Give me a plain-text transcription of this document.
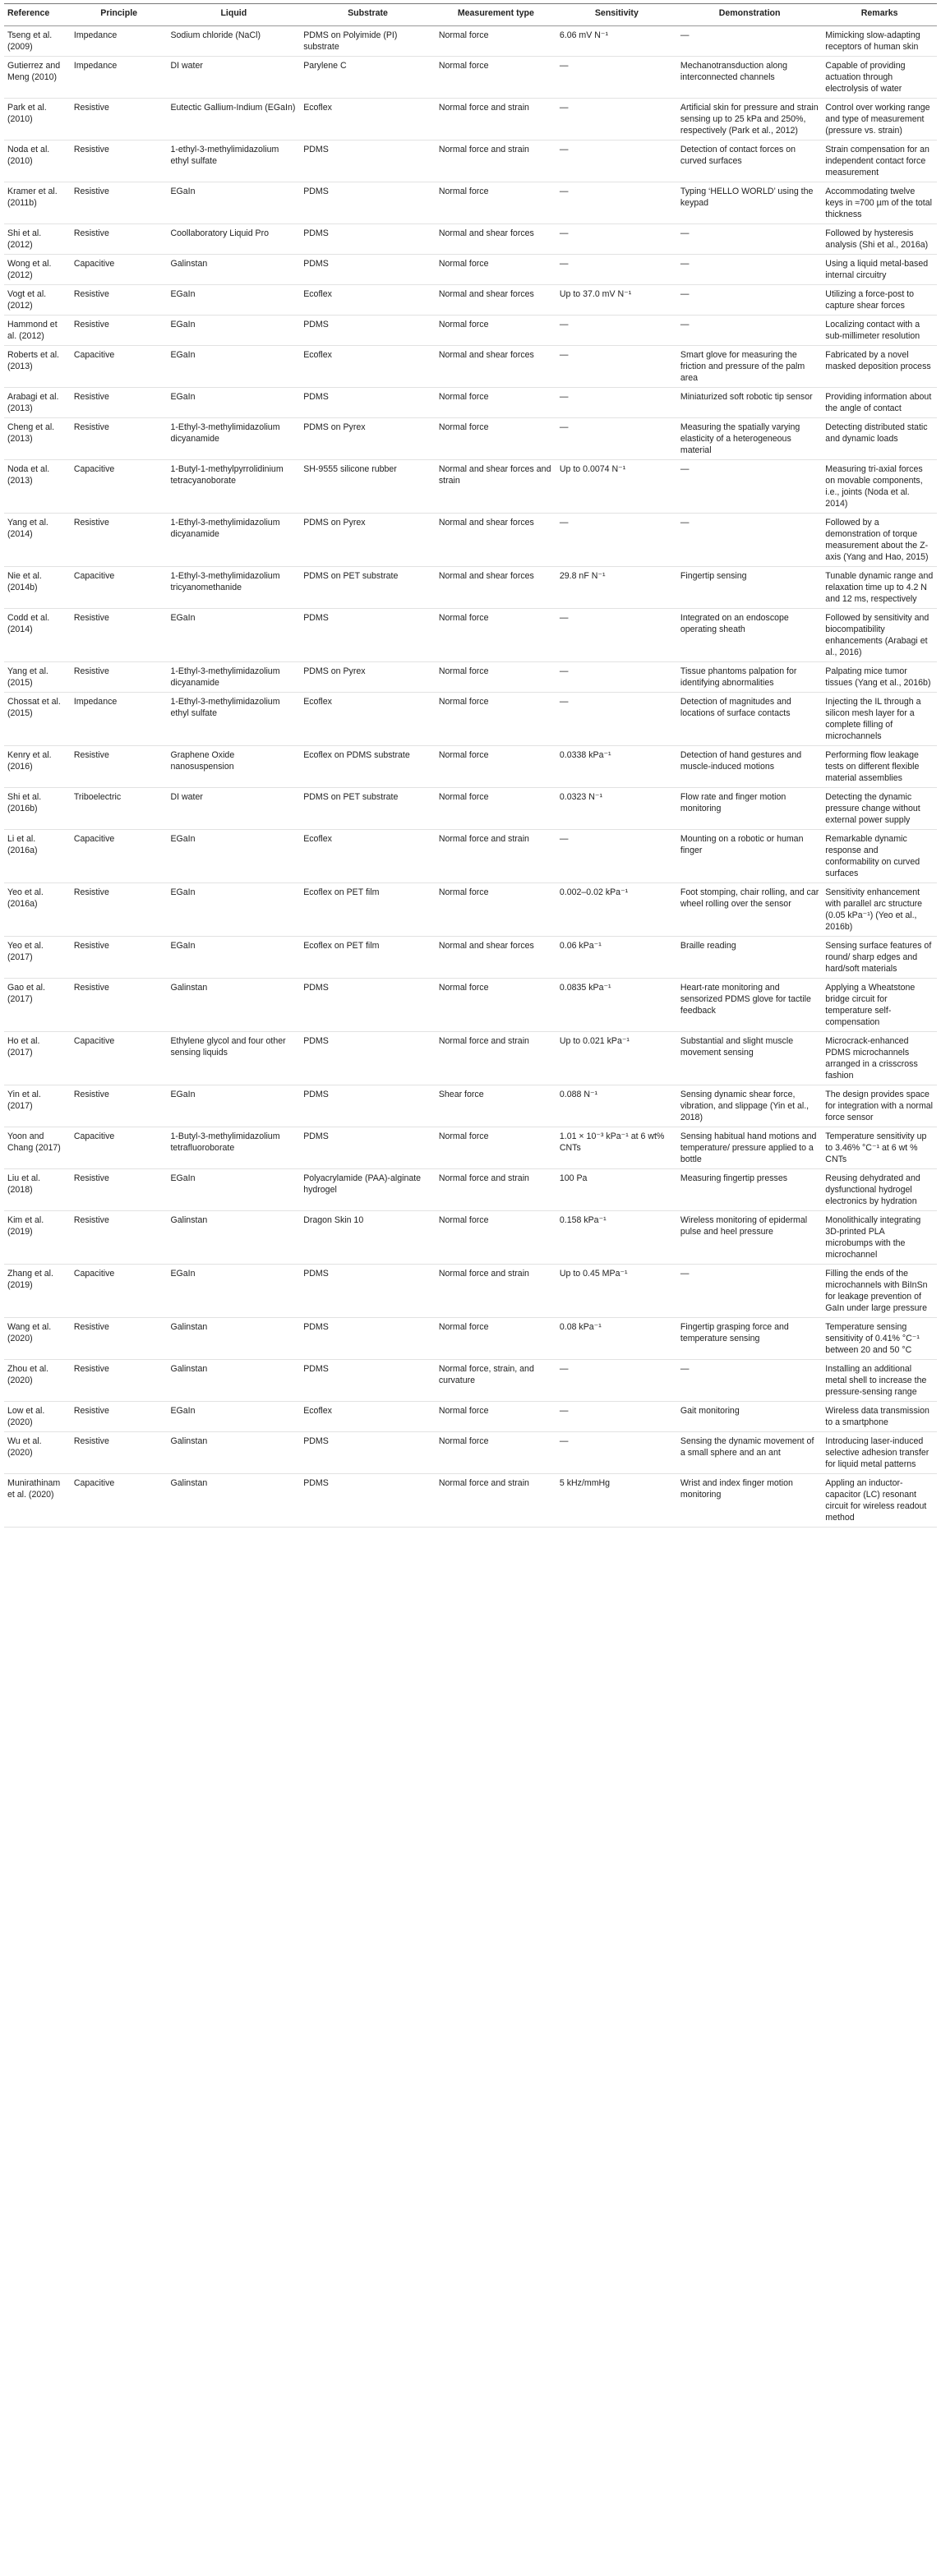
Reference	Principle	Liquid	Substrate	Measurement type	Sensitivity	Demonstration	Remarks
Tseng et al. (2009)	Impedance	Sodium chloride (NaCl)	PDMS on Polyimide (PI) substrate	Normal force	6.06 mV N⁻¹	—	Mimicking slow-adapting receptors of human skin
Gutierrez and Meng (2010)	Impedance	DI water	Parylene C	Normal force	—	Mechanotransduction along interconnected channels	Capable of providing actuation through electrolysis of water
Park et al. (2010)	Resistive	Eutectic Gallium-Indium (EGaIn)	Ecoflex	Normal force and strain	—	Artificial skin for pressure and strain sensing up to 25 kPa and 250%, respectively (Park et al., 2012)	Control over working range and type of measurement (pressure vs. strain)
Noda et al. (2010)	Resistive	1-ethyl-3-methylimidazolium ethyl sulfate	PDMS	Normal force and strain	—	Detection of contact forces on curved surfaces	Strain compensation for an independent contact force measurement
Kramer et al. (2011b)	Resistive	EGaIn	PDMS	Normal force	—	Typing ‘HELLO WORLD’ using the keypad	Accommodating twelve keys in ≈700 µm of the total thickness
Shi et al. (2012)	Resistive	Coollaboratory Liquid Pro	PDMS	Normal and shear forces	—	—	Followed by hysteresis analysis (Shi et al., 2016a)
Wong et al. (2012)	Capacitive	Galinstan	PDMS	Normal force	—	—	Using a liquid metal-based internal circuitry
Vogt et al. (2012)	Resistive	EGaIn	Ecoflex	Normal and shear forces	Up to 37.0 mV N⁻¹	—	Utilizing a force-post to capture shear forces
Hammond et al. (2012)	Resistive	EGaIn	PDMS	Normal force	—	—	Localizing contact with a sub-millimeter resolution
Roberts et al. (2013)	Capacitive	EGaIn	Ecoflex	Normal and shear forces	—	Smart glove for measuring the friction and pressure of the palm area	Fabricated by a novel masked deposition process
Arabagi et al. (2013)	Resistive	EGaIn	PDMS	Normal force	—	Miniaturized soft robotic tip sensor	Providing information about the angle of contact
Cheng et al. (2013)	Resistive	1-Ethyl-3-methylimidazolium dicyanamide	PDMS on Pyrex	Normal force	—	Measuring the spatially varying elasticity of a heterogeneous material	Detecting distributed static and dynamic loads
Noda et al. (2013)	Capacitive	1-Butyl-1-methylpyrrolidinium tetracyanoborate	SH-9555 silicone rubber	Normal and shear forces and strain	Up to 0.0074 N⁻¹	—	Measuring tri-axial forces on movable components, i.e., joints (Noda et al. 2014)
Yang et al. (2014)	Resistive	1-Ethyl-3-methylimidazolium dicyanamide	PDMS on Pyrex	Normal and shear forces	—	—	Followed by a demonstration of torque measurement about the Z-axis (Yang and Hao, 2015)
Nie et al. (2014b)	Capacitive	1-Ethyl-3-methylimidazolium tricyanomethanide	PDMS on PET substrate	Normal and shear forces	29.8 nF N⁻¹	Fingertip sensing	Tunable dynamic range and relaxation time up to 4.2 N and 12 ms, respectively
Codd et al. (2014)	Resistive	EGaIn	PDMS	Normal force	—	Integrated on an endoscope operating sheath	Followed by sensitivity and biocompatibility enhancements (Arabagi et al., 2016)
Yang et al. (2015)	Resistive	1-Ethyl-3-methylimidazolium dicyanamide	PDMS on Pyrex	Normal force	—	Tissue phantoms palpation for identifying abnormalities	Palpating mice tumor tissues (Yang et al., 2016b)
Chossat et al. (2015)	Impedance	1-Ethyl-3-methylimidazolium ethyl sulfate	Ecoflex	Normal force	—	Detection of magnitudes and locations of surface contacts	Injecting the IL through a silicon mesh layer for a complete filling of microchannels
Kenry et al. (2016)	Resistive	Graphene Oxide nanosuspension	Ecoflex on PDMS substrate	Normal force	0.0338 kPa⁻¹	Detection of hand gestures and muscle-induced motions	Performing flow leakage tests on different flexible material assemblies
Shi et al. (2016b)	Triboelectric	DI water	PDMS on PET substrate	Normal force	0.0323 N⁻¹	Flow rate and finger motion monitoring	Detecting the dynamic pressure change without external power supply
Li et al. (2016a)	Capacitive	EGaIn	Ecoflex	Normal force and strain	—	Mounting on a robotic or human finger	Remarkable dynamic response and conformability on curved surfaces
Yeo et al. (2016a)	Resistive	EGaIn	Ecoflex on PET film	Normal force	0.002–0.02 kPa⁻¹	Foot stomping, chair rolling, and car wheel rolling over the sensor	Sensitivity enhancement with parallel arc structure (0.05 kPa⁻¹) (Yeo et al., 2016b)
Yeo et al. (2017)	Resistive	EGaIn	Ecoflex on PET film	Normal and shear forces	0.06 kPa⁻¹	Braille reading	Sensing surface features of round/ sharp edges and hard/soft materials
Gao et al. (2017)	Resistive	Galinstan	PDMS	Normal force	0.0835 kPa⁻¹	Heart-rate monitoring and sensorized PDMS glove for tactile feedback	Applying a Wheatstone bridge circuit for temperature self-compensation
Ho et al. (2017)	Capacitive	Ethylene glycol and four other sensing liquids	PDMS	Normal force and strain	Up to 0.021 kPa⁻¹	Substantial and slight muscle movement sensing	Microcrack-enhanced PDMS microchannels arranged in a crisscross fashion
Yin et al. (2017)	Resistive	EGaIn	PDMS	Shear force	0.088 N⁻¹	Sensing dynamic shear force, vibration, and slippage (Yin et al., 2018)	The design provides space for integration with a normal force sensor
Yoon and Chang (2017)	Capacitive	1-Butyl-3-methylimidazolium tetrafluoroborate	PDMS	Normal force	1.01 × 10⁻³ kPa⁻¹ at 6 wt% CNTs	Sensing habitual hand motions and temperature/ pressure applied to a bottle	Temperature sensitivity up to 3.46% °C⁻¹ at 6 wt % CNTs
Liu et al. (2018)	Resistive	EGaIn	Polyacrylamide (PAA)-alginate hydrogel	Normal force and strain	100 Pa	Measuring fingertip presses	Reusing dehydrated and dysfunctional hydrogel electronics by hydration
Kim et al. (2019)	Resistive	Galinstan	Dragon Skin 10	Normal force	0.158 kPa⁻¹	Wireless monitoring of epidermal pulse and heel pressure	Monolithically integrating 3D-printed PLA microbumps with the microchannel
Zhang et al. (2019)	Capacitive	EGaIn	PDMS	Normal force and strain	Up to 0.45 MPa⁻¹	—	Filling the ends of the microchannels with BiInSn for leakage prevention of GaIn under large pressure
Wang et al. (2020)	Resistive	Galinstan	PDMS	Normal force	0.08 kPa⁻¹	Fingertip grasping force and temperature sensing	Temperature sensing sensitivity of 0.41% °C⁻¹ between 20 and 50 °C
Zhou et al. (2020)	Resistive	Galinstan	PDMS	Normal force, strain, and curvature	—	—	Installing an additional metal shell to increase the pressure-sensing range
Low et al. (2020)	Resistive	EGaIn	Ecoflex	Normal force	—	Gait monitoring	Wireless data transmission to a smartphone
Wu et al. (2020)	Resistive	Galinstan	PDMS	Normal force	—	Sensing the dynamic movement of a small sphere and an ant	Introducing laser-induced selective adhesion transfer for liquid metal patterns
Munirathinam et al. (2020)	Capacitive	Galinstan	PDMS	Normal force and strain	5 kHz/mmHg	Wrist and index finger motion monitoring	Appling an inductor-capacitor (LC) resonant circuit for wireless readout method
